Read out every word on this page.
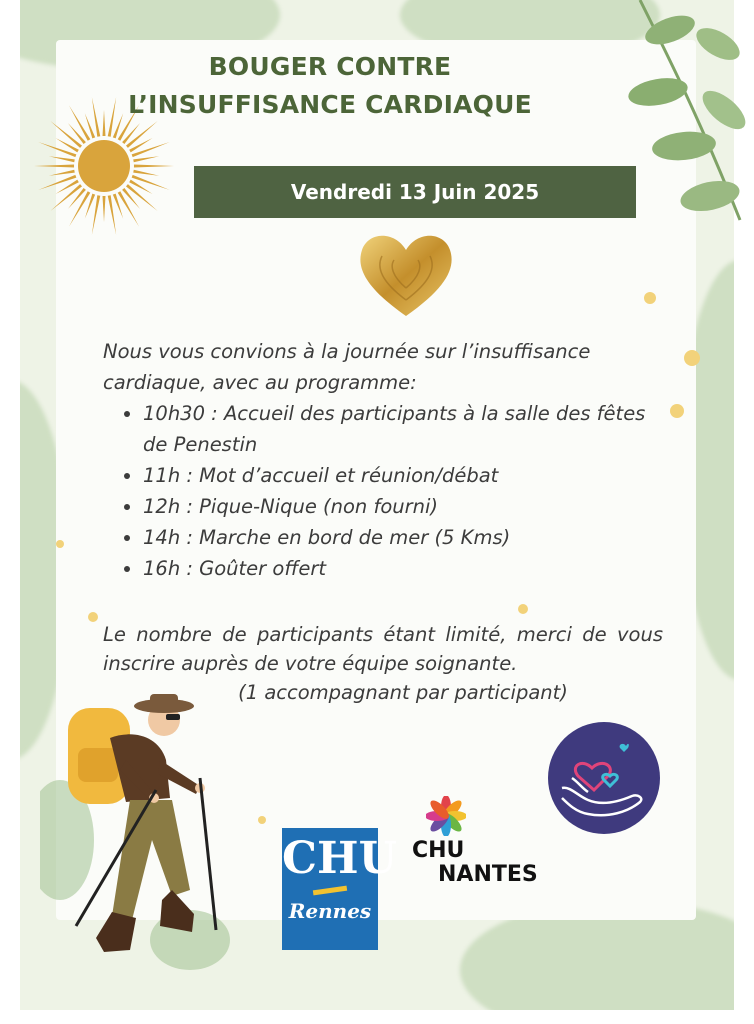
BOUGER CONTRE
L’INSUFFISANCE CARDIAQUE
Vendredi 13 Juin 2025

Nous vous convions à la journée sur l’insuffisance cardiaque, avec au programme:

• 10h30 : Accueil des participants à la salle des fêtes de Penestin
• 11h : Mot d’accueil et réunion/débat
• 12h : Pique-Nique (non fourni)
• 14h : Marche en bord de mer (5 Kms)
• 16h : Goûter offert
Le nombre de participants étant limité, merci de vous inscrire auprès de votre équipe soignante.
(1 accompagnant par participant)
CHU
Rennes
CHU
NANTES
